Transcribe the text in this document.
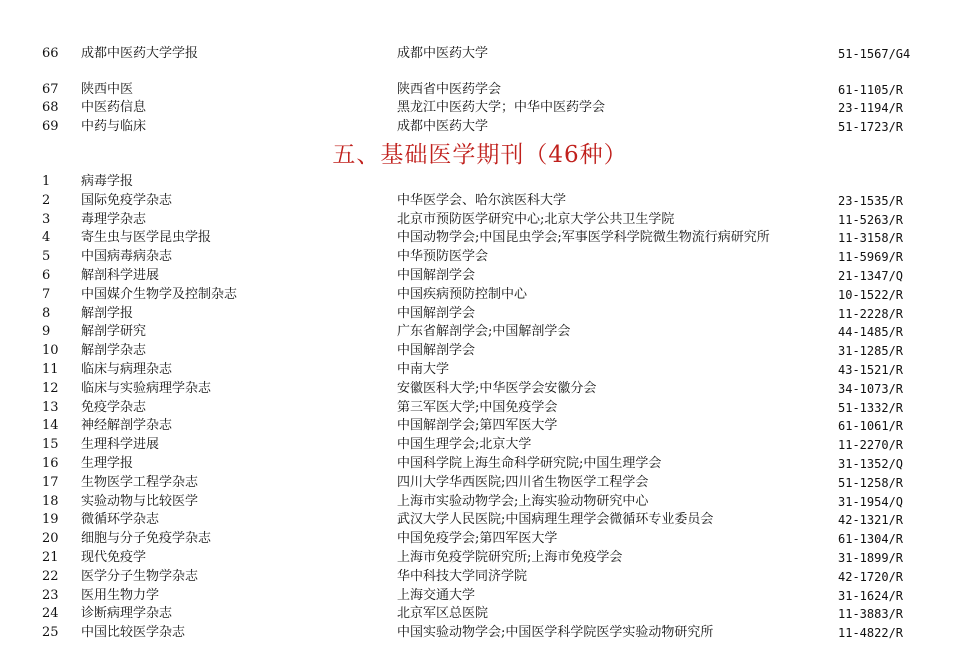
66 成都中医药大学学报	成都中医药大学	51-1567/G4
67 陕西中医	陕西省中医药学会	61-1105/R
68 中医药信息	黑龙江中医药大学；中华中医药学会	23-1194/R
69 中药与临床	成都中医药大学	51-1723/R
五、基础医学期刊（46种）
1 病毒学报
2 国际免疫学杂志	中华医学会、哈尔滨医科大学	23-1535/R
3 毒理学杂志	北京市预防医学研究中心;北京大学公共卫生学院	11-5263/R
4 寄生虫与医学昆虫学报	中国动物学会;中国昆虫学会;军事医学科学院微生物流行病研究所	11-3158/R
5 中国病毒病杂志	中华预防医学会	11-5969/R
6 解剖科学进展	中国解剖学会	21-1347/Q
7 中国媒介生物学及控制杂志	中国疾病预防控制中心	10-1522/R
8 解剖学报	中国解剖学会	11-2228/R
9 解剖学研究	广东省解剖学会;中国解剖学会	44-1485/R
10 解剖学杂志	中国解剖学会	31-1285/R
11 临床与病理杂志	中南大学	43-1521/R
12 临床与实验病理学杂志	安徽医科大学;中华医学会安徽分会	34-1073/R
13 免疫学杂志	第三军医大学;中国免疫学会	51-1332/R
14 神经解剖学杂志	中国解剖学会;第四军医大学	61-1061/R
15 生理科学进展	中国生理学会;北京大学	11-2270/R
16 生理学报	中国科学院上海生命科学研究院;中国生理学会	31-1352/Q
17 生物医学工程学杂志	四川大学华西医院;四川省生物医学工程学会	51-1258/R
18 实验动物与比较医学	上海市实验动物学会;上海实验动物研究中心	31-1954/Q
19 微循环学杂志	武汉大学人民医院;中国病理生理学会微循环专业委员会	42-1321/R
20 细胞与分子免疫学杂志	中国免疫学会;第四军医大学	61-1304/R
21 现代免疫学	上海市免疫学院研究所;上海市免疫学会	31-1899/R
22 医学分子生物学杂志	华中科技大学同济学院	42-1720/R
23 医用生物力学	上海交通大学	31-1624/R
24 诊断病理学杂志	北京军区总医院	11-3883/R
25 中国比较医学杂志	中国实验动物学会;中国医学科学院医学实验动物研究所	11-4822/R
